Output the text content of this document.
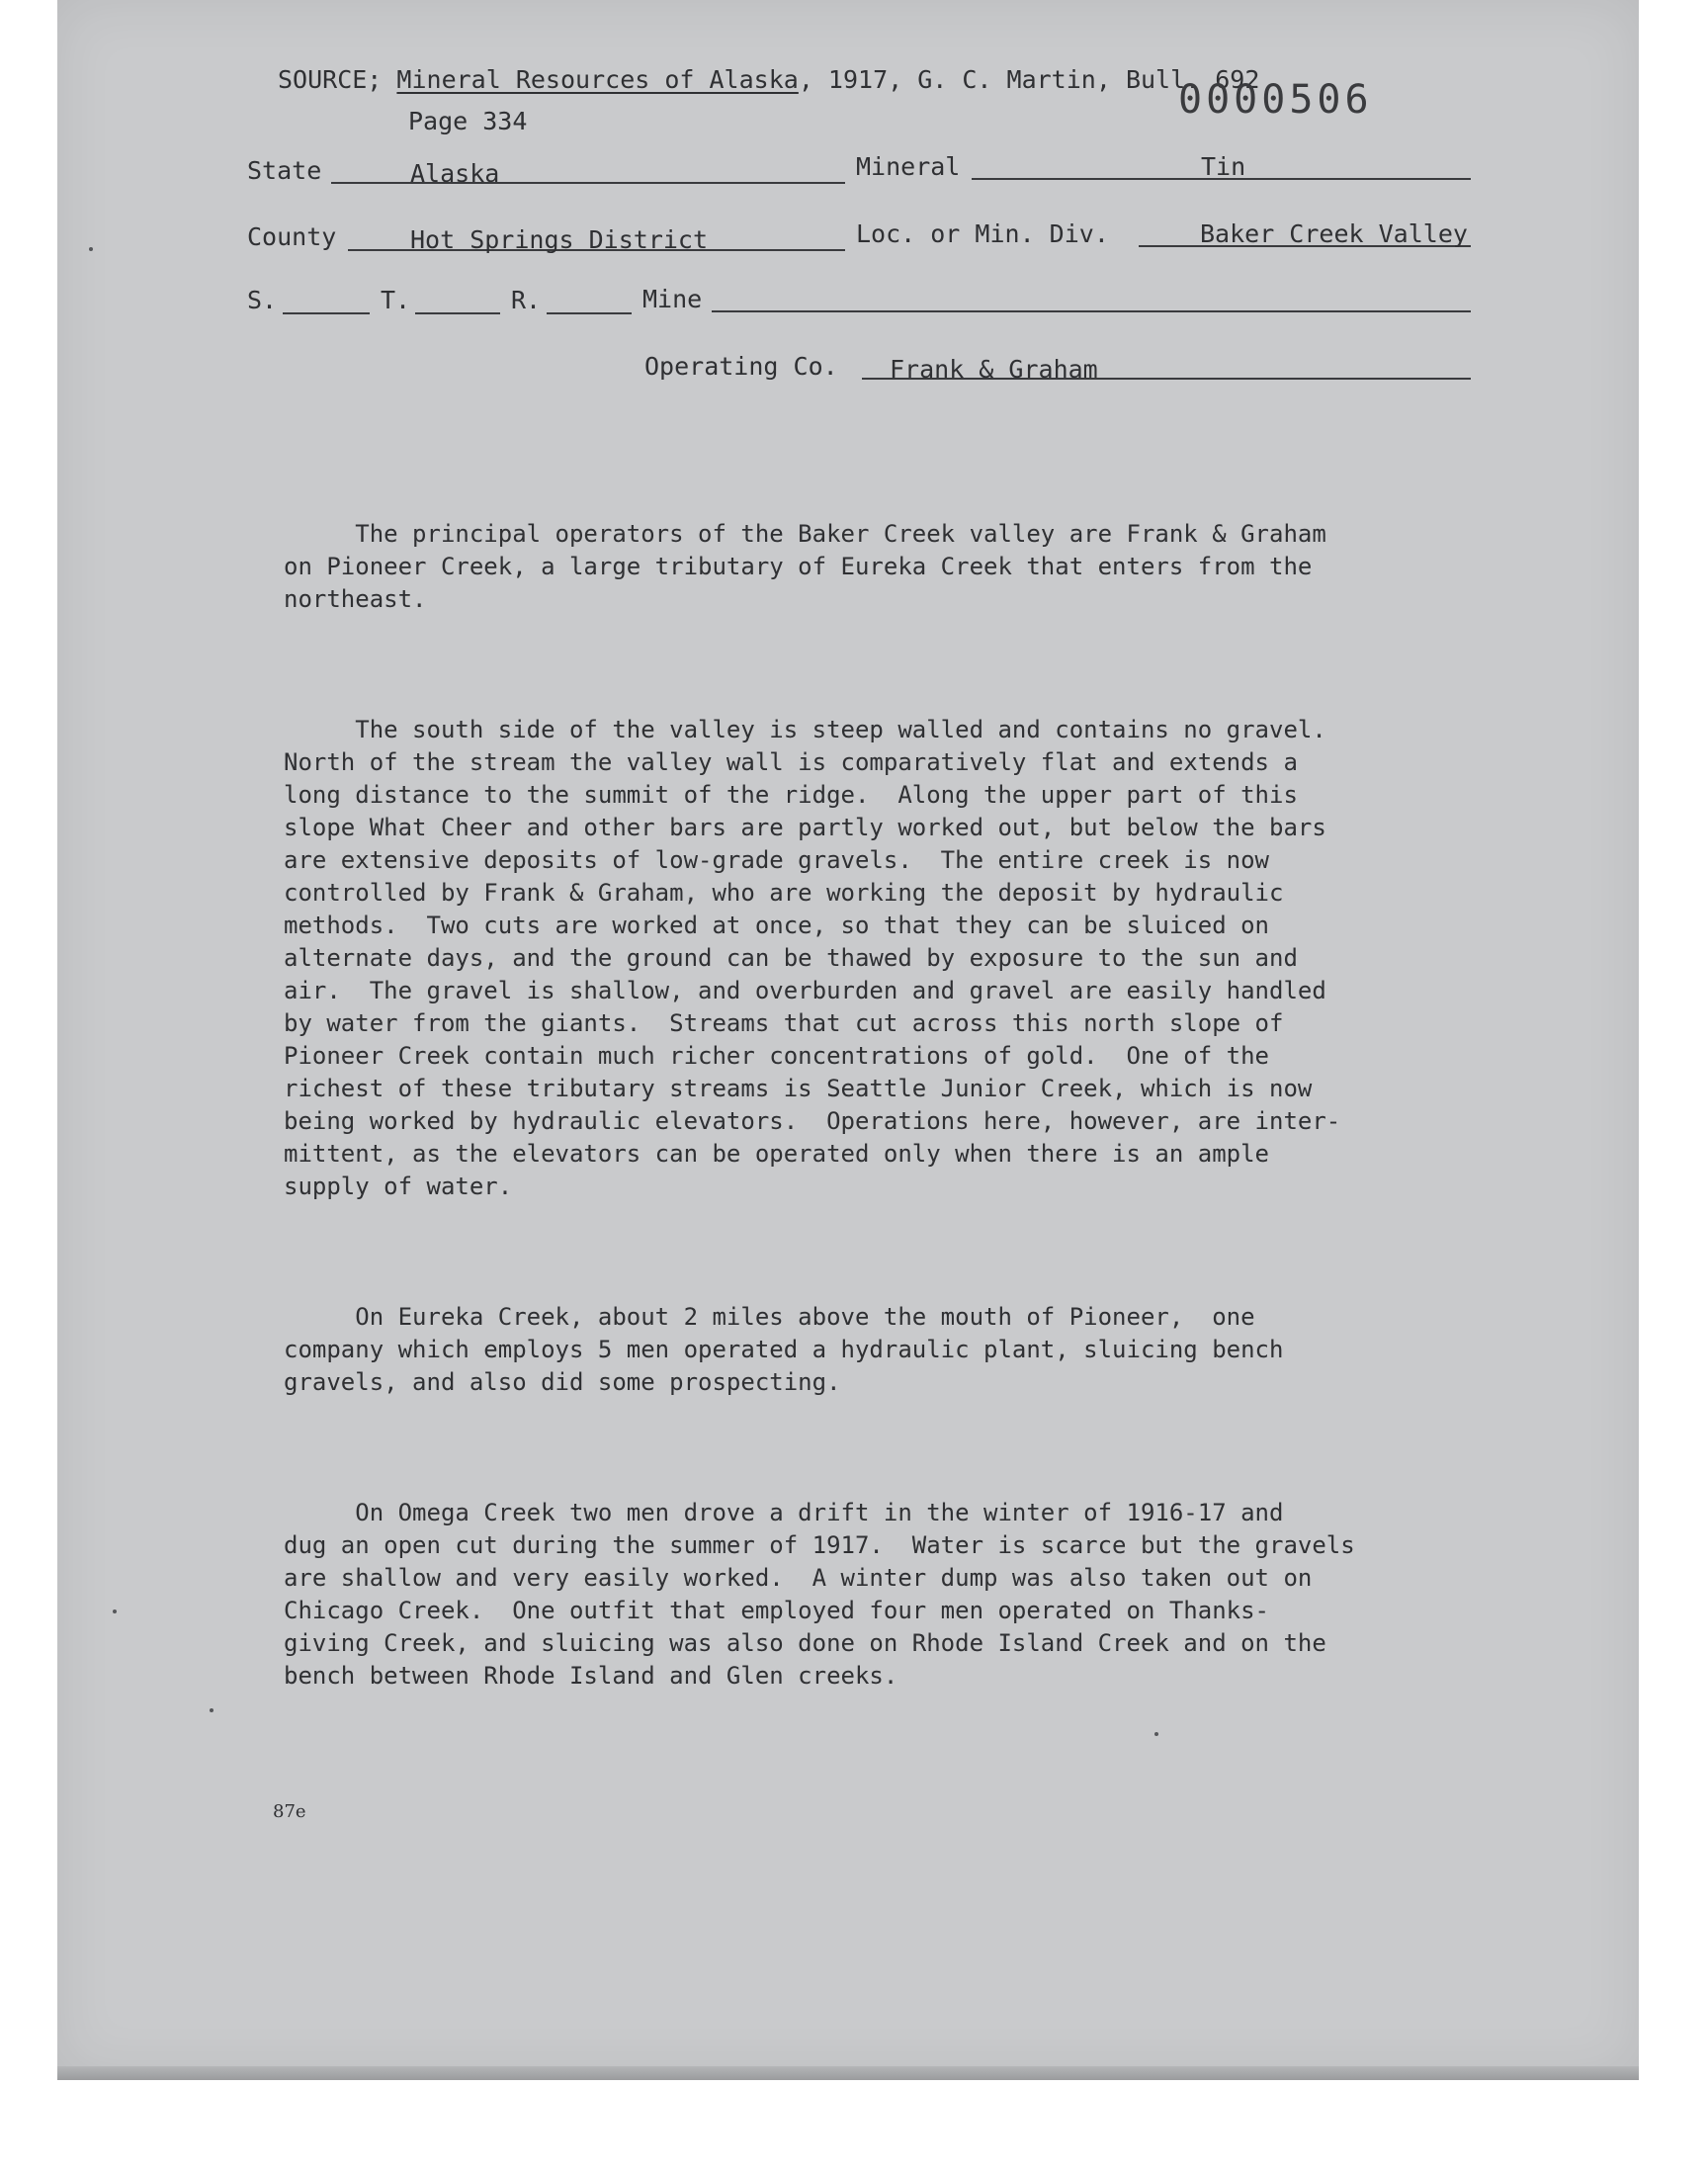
SOURCE; Mineral Resources of Alaska, 1917, G. C. Martin, Bull. 692
0000506
Page 334
State	Alaska	Mineral	Tin
County	Hot Springs District	Loc. or Min. Div.	Baker Creek Valley
S.	T.	R.	Mine
Operating Co. Frank & Graham

The principal operators of the Baker Creek valley are Frank & Graham
on Pioneer Creek, a large tributary of Eureka Creek that enters from the
northeast.

The south side of the valley is steep walled and contains no gravel.
North of the stream the valley wall is comparatively flat and extends a
long distance to the summit of the ridge.  Along the upper part of this
slope What Cheer and other bars are partly worked out, but below the bars
are extensive deposits of low-grade gravels.  The entire creek is now
controlled by Frank & Graham, who are working the deposit by hydraulic
methods.  Two cuts are worked at once, so that they can be sluiced on
alternate days, and the ground can be thawed by exposure to the sun and
air.  The gravel is shallow, and overburden and gravel are easily handled
by water from the giants.  Streams that cut across this north slope of
Pioneer Creek contain much richer concentrations of gold.  One of the
richest of these tributary streams is Seattle Junior Creek, which is now
being worked by hydraulic elevators.  Operations here, however, are inter-
mittent, as the elevators can be operated only when there is an ample
supply of water.

On Eureka Creek, about 2 miles above the mouth of Pioneer,  one
company which employs 5 men operated a hydraulic plant, sluicing bench
gravels, and also did some prospecting.

On Omega Creek two men drove a drift in the winter of 1916-17 and
dug an open cut during the summer of 1917.  Water is scarce but the gravels
are shallow and very easily worked.  A winter dump was also taken out on
Chicago Creek.  One outfit that employed four men operated on Thanks-
giving Creek, and sluicing was also done on Rhode Island Creek and on the
bench between Rhode Island and Glen creeks.

87e
